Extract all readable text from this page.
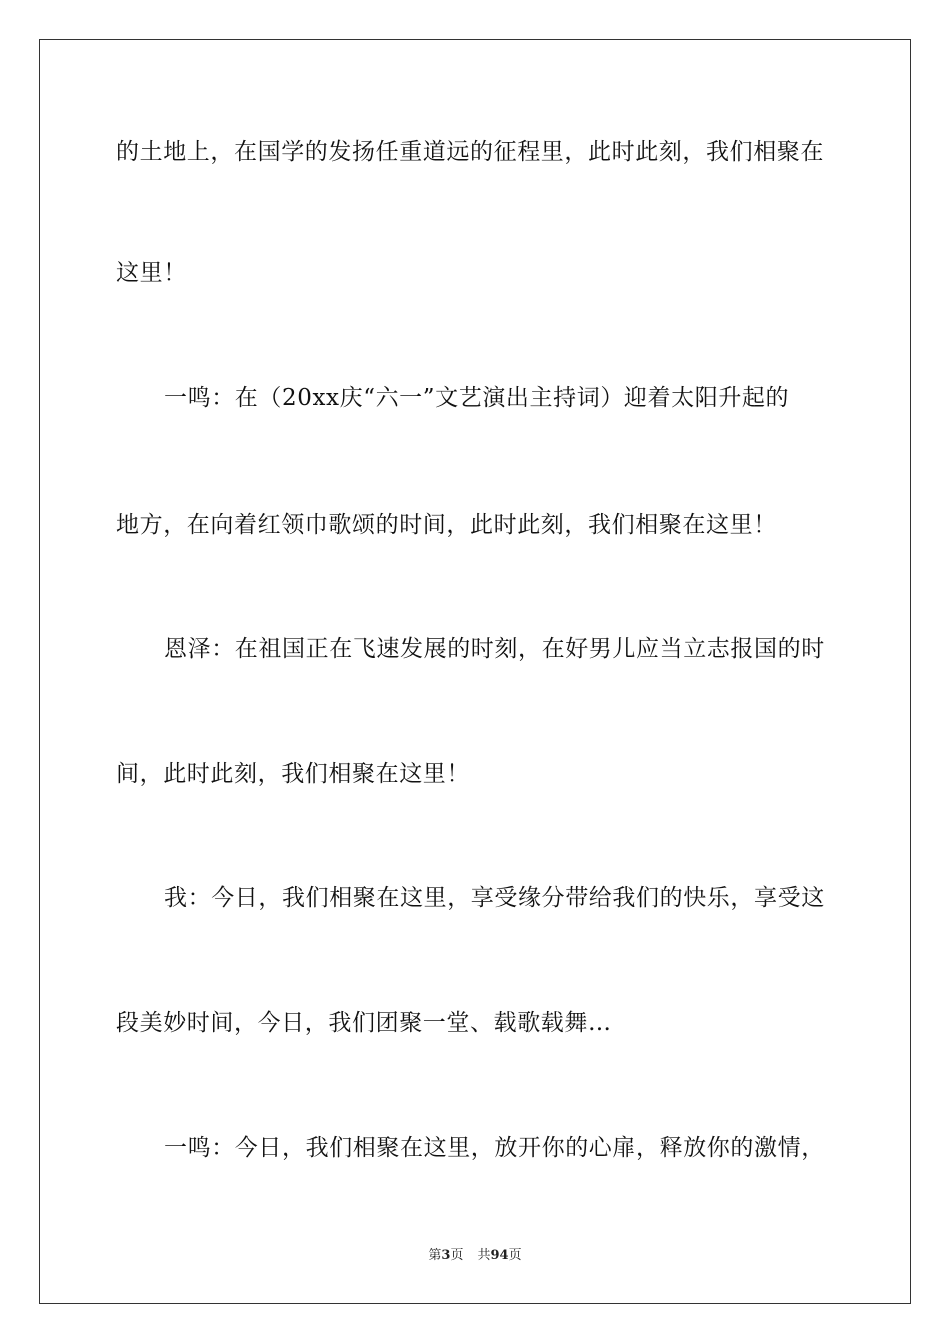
的土地上，在国学的发扬任重道远的征程里，此时此刻，我们相聚在
这里！
一鸣：在（20xx庆“六一”文艺演出主持词）迎着太阳升起的
地方，在向着红领巾歌颂的时间，此时此刻，我们相聚在这里！
恩泽：在祖国正在飞速发展的时刻，在好男儿应当立志报国的时
间，此时此刻，我们相聚在这里！
我：今日，我们相聚在这里，享受缘分带给我们的快乐，享受这
段美妙时间，今日，我们团聚一堂、载歌载舞…
一鸣：今日，我们相聚在这里，放开你的心扉，释放你的激情，
第3页 共94页
